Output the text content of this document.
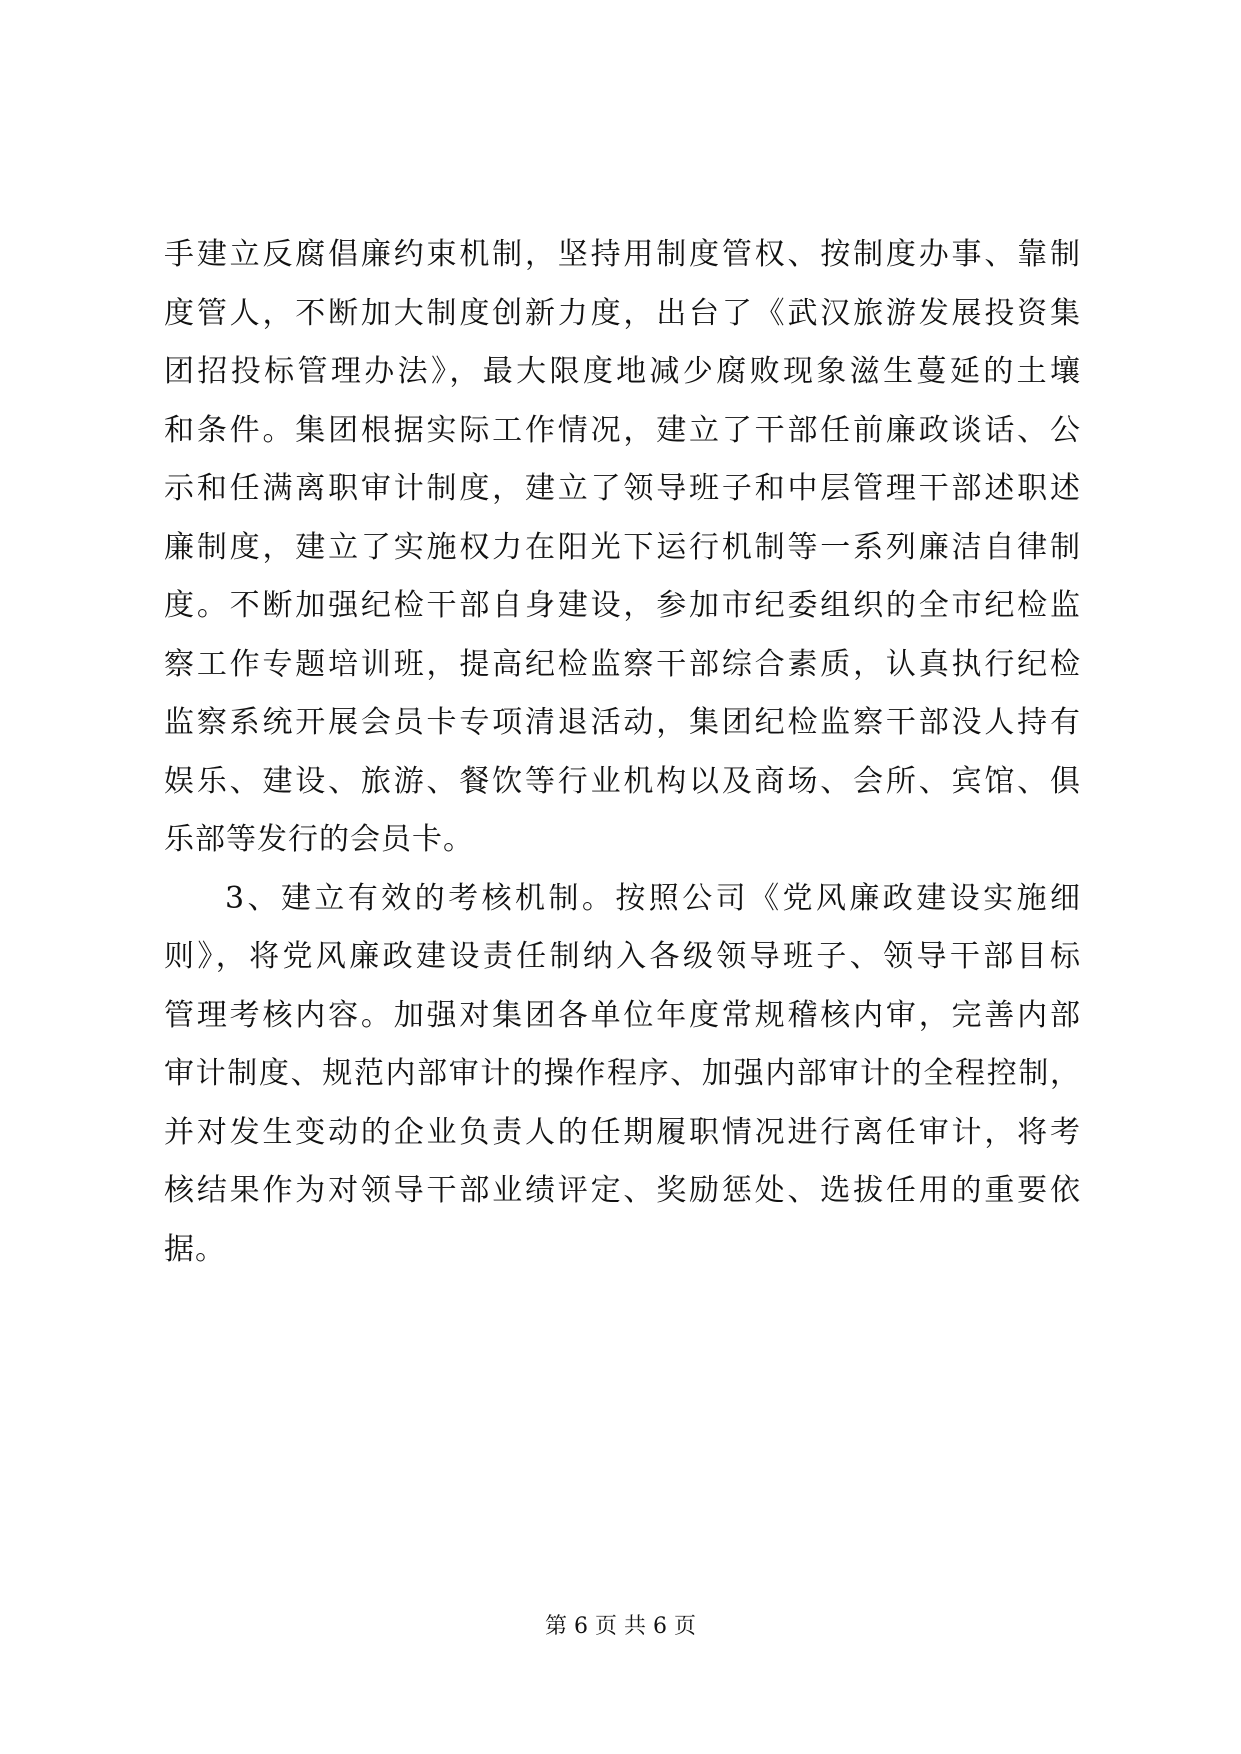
手建立反腐倡廉约束机制，坚持用制度管权、按制度办事、靠制
度管人，不断加大制度创新力度，出台了《武汉旅游发展投资集
团招投标管理办法》，最大限度地减少腐败现象滋生蔓延的土壤
和条件。集团根据实际工作情况，建立了干部任前廉政谈话、公
示和任满离职审计制度，建立了领导班子和中层管理干部述职述
廉制度，建立了实施权力在阳光下运行机制等一系列廉洁自律制
度。不断加强纪检干部自身建设，参加市纪委组织的全市纪检监
察工作专题培训班，提高纪检监察干部综合素质，认真执行纪检
监察系统开展会员卡专项清退活动，集团纪检监察干部没人持有
娱乐、建设、旅游、餐饮等行业机构以及商场、会所、宾馆、俱
乐部等发行的会员卡。
3、建立有效的考核机制。按照公司《党风廉政建设实施细
则》，将党风廉政建设责任制纳入各级领导班子、领导干部目标
管理考核内容。加强对集团各单位年度常规稽核内审，完善内部
审计制度、规范内部审计的操作程序、加强内部审计的全程控制，
并对发生变动的企业负责人的任期履职情况进行离任审计，将考
核结果作为对领导干部业绩评定、奖励惩处、选拔任用的重要依
据。
第 6 页 共 6 页
